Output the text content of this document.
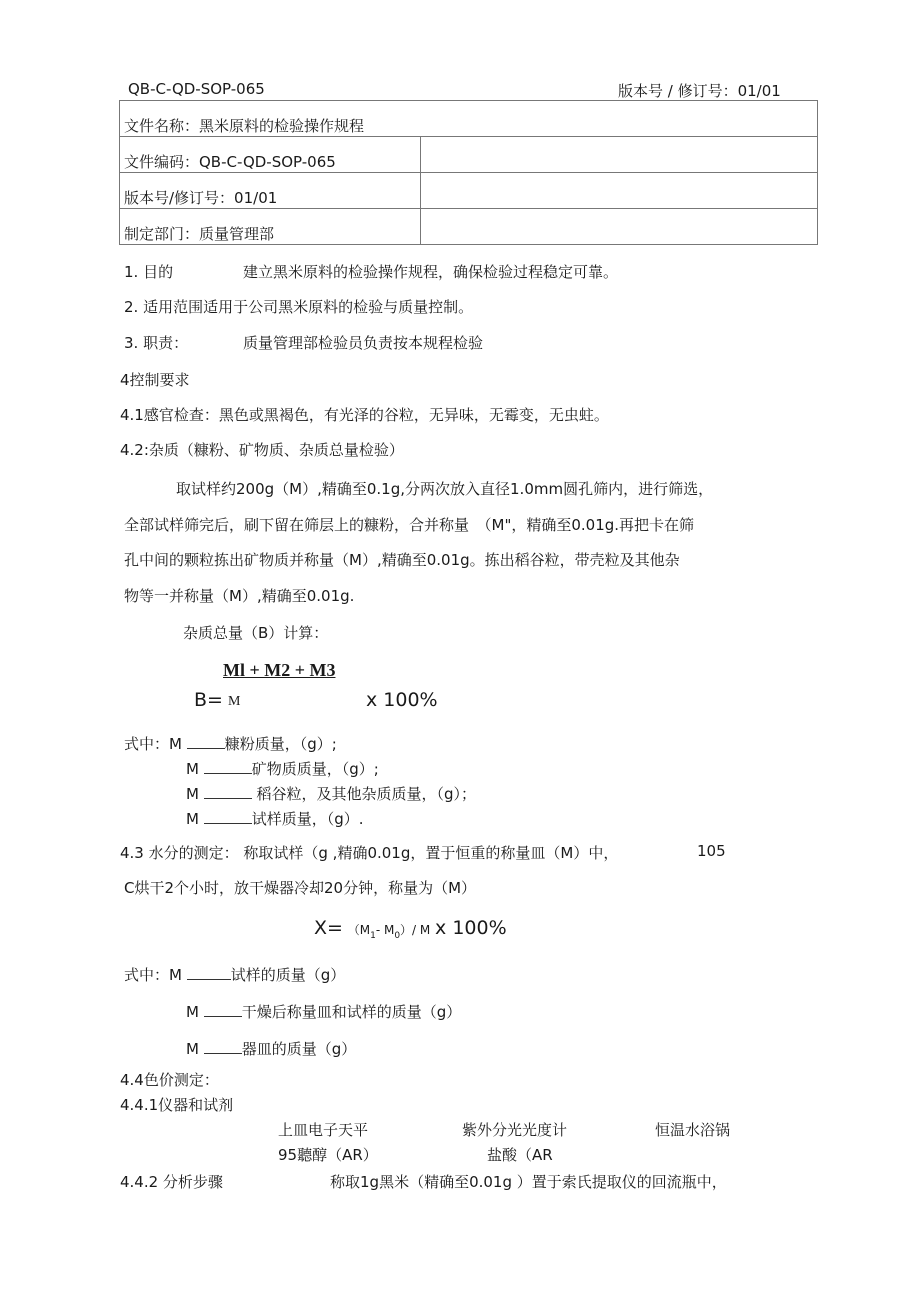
QB-C-QD-SOP-065	版本号 / 修订号：01/01
文件名称：黑米原料的检验操作规程	
文件编码：QB-C-QD-SOP-065	
版本号/修订号：01/01	
制定部门：质量管理部	
1. 目的	建立黑米原料的检验操作规程，确保检验过程稳定可靠。
2. 适用范围适用于公司黑米原料的检验与质量控制。
3. 职责：	质量管理部检验员负责按本规程检验
4控制要求
4.1感官检查：黑色或黑褐色，有光泽的谷粒，无异味，无霉变，无虫蛀。
4.2:杂质（糠粉、矿物质、杂质总量检验）
取试样约200g（M）,精确至0.1g,分两次放入直径1.0mm圆孔筛内，进行筛选，
全部试样筛完后，刷下留在筛层上的糠粉，合并称量　（M"，精确至0.01g.再把卡在筛
孔中间的颗粒拣出矿物质并称量（M）,精确至0.01g。拣出稻谷粒，带壳粒及其他杂
物等一并称量（M）,精确至0.01g.
杂质总量（B）计算：
Ml + M2 + M3
B= M	x 100%
式中：M	糠粉质量，（g）;
M	矿物质质量，（g）;
M	稻谷粒，及其他杂质质量，（g）；
M	试样质量，（g）.
4.3 水分的测定： 称取试样（g ,精确0.01g，置于恒重的称量皿（M）中，	105
C烘干2个小时，放干燥器冷却20分钟，称量为（M）
$X= (M_1-$ $M_0)/$ M x 100%
式中：M	试样的质量（g）
M	干燥后称量皿和试样的质量（g）
M	器皿的质量（g）
4.4色价测定：
4.4.1仪器和试剂
上皿电子天平	紫外分光光度计	恒温水浴锅
95聽醇（AR）	盐酸（AR
4.4.2 分析步骤	称取1g黑米（精确至0.01g ）置于索氏提取仪的回流瓶中，
